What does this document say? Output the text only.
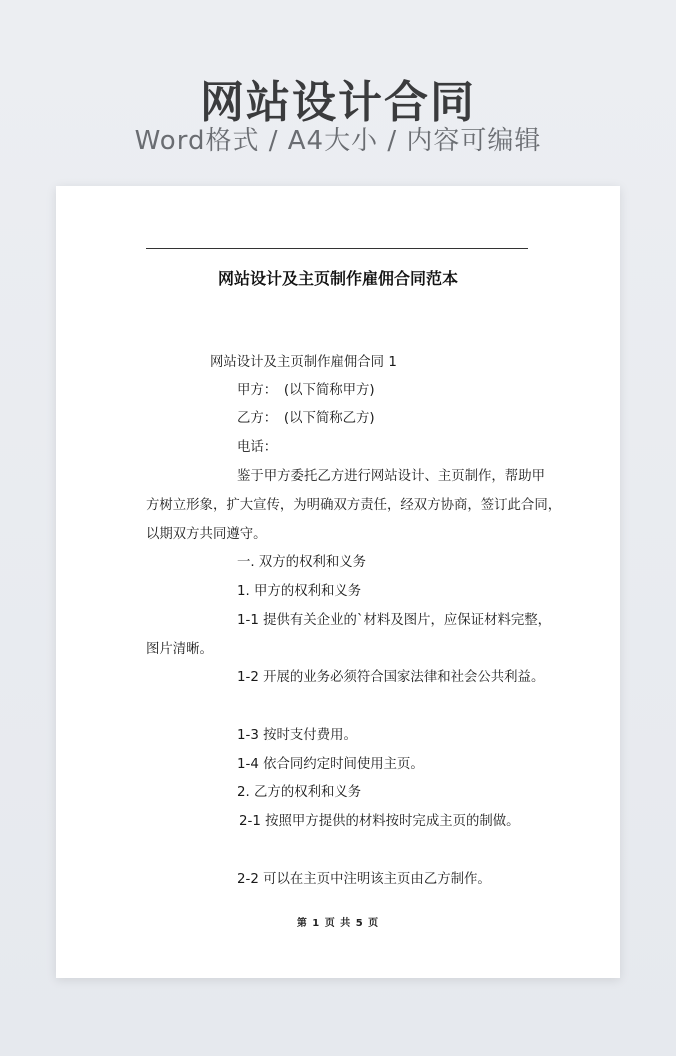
网站设计合同
Word格式 / A4大小 / 内容可编辑
网站设计及主页制作雇佣合同范本
网站设计及主页制作雇佣合同 1
甲方：　(以下简称甲方)
乙方：　(以下简称乙方)
电话：
鉴于甲方委托乙方进行网站设计、主页制作，帮助甲
方树立形象，扩大宣传，为明确双方责任，经双方协商，签订此合同，
以期双方共同遵守。
一. 双方的权利和义务
1. 甲方的权利和义务
1-1 提供有关企业的`材料及图片，应保证材料完整，
图片清晰。
1-2 开展的业务必须符合国家法律和社会公共利益。
1-3 按时支付费用。
1-4 依合同约定时间使用主页。
2. 乙方的权利和义务
2-1 按照甲方提供的材料按时完成主页的制做。
2-2 可以在主页中注明该主页由乙方制作。
第 1 页 共 5 页
